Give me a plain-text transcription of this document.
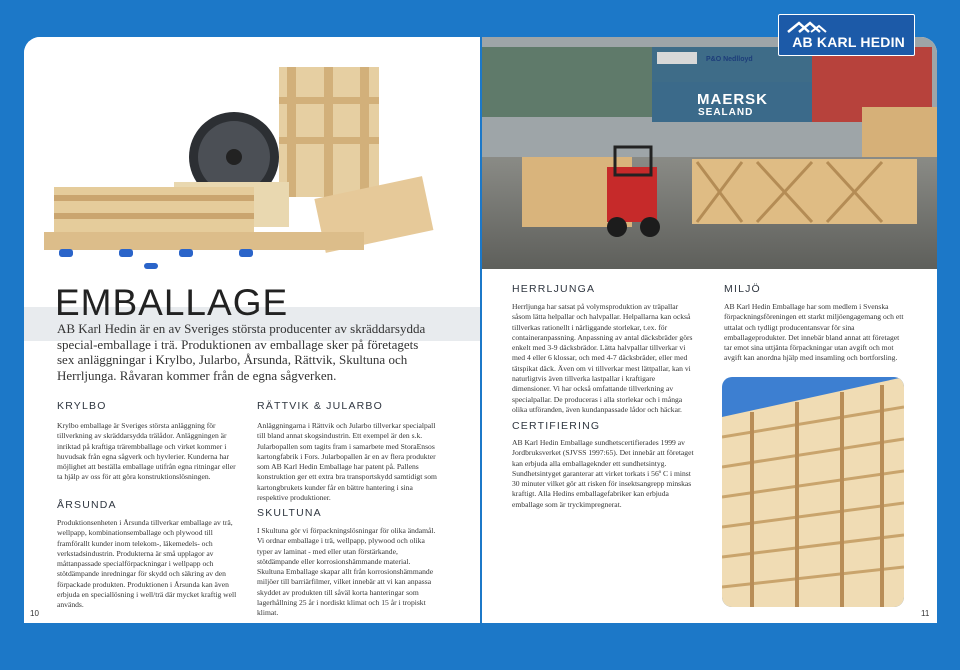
EMBALLAGE

AB Karl Hedin är en av Sveriges största producenter av skräddarsydda special-emballage i trä. Produktionen av emballage sker på företagets sex anläggningar i Krylbo, Jularbo, Årsunda, Rättvik, Skultuna och Herrljunga. Råvaran kommer från de egna sågverken.

KRYLBO

Krylbo emballage är Sveriges största anläggning för tillverkning av skräddarsydda trälådor. Anläggningen är inriktad på kraftiga trärembballage och virket kommer i huvudsak från egna sågverk och hyvlerier. Kunderna har möjlighet att beställa emballage utifrån egna ritningar eller ta hjälp av oss för att göra konstruktionslösningen.

RÄTTVIK & JULARBO

Anläggningarna i Rättvik och Jularbo tillverkar specialpall till bland annat skogsindustrin. Ett exempel är den s.k. Jularbopallen som tagits fram i samarbete med StoraEnsos kartongfabrik i Fors. Jularbopallen är en av flera produkter som AB Karl Hedin Emballage har patent på. Pallens konstruktion ger ett extra bra transportskydd samtidigt som kartongbrukets kunder får en bättre hantering i sina respektive produktioner.

ÅRSUNDA

Produktionsenheten i Årsunda tillverkar emballage av trä, wellpapp, kombinationsemballage och plywood till framförallt kunder inom telekom-, läkemedels- och verkstadsindustrin. Produkterna är små upplagor av måttanpassade specialförpackningar i wellpapp och stötdämpande inredningar för skydd och säkring av den förpackade produkten. Produktionen i Årsunda kan även erbjuda en speciallösning i well/trä där mycket kraftig well används.

SKULTUNA

I Skultuna gör vi förpackningslösningar för olika ändamål. Vi ordnar emballage i trä, wellpapp, plywood och olika typer av laminat - med eller utan förstärkande, stötdämpande eller korrosionshämmande material. Skultuna Emballage skapar allt från korrosionshämmande miljöer till barriärfilmer, vilket innebär att vi kan anpassa skyddet av produkten till såväl korta hanteringar som lagerhållning 25 år i nordiskt klimat och 15 år i tropiskt klimat.

10
P&O Nedlloyd
MAERSK
SEALAND
HERRLJUNGA

Herrljunga har satsat på volymsproduktion av träpallar såsom lätta helpallar och halvpallar. Helpallarna kan också tillverkas rationellt i närliggande storlekar, t.ex. för containeranpassning. Anpassning av antal däcksbräder görs enkelt med 3-9 däcksbrädor. Lätta halvpallar tillverkar vi med 4 eller 6 klossar, och med 4-7 däcksbräder, eller med tätspikat däck. Även om vi tillverkar mest lättpallar, kan vi naturligtvis även tillverka lastpallar i kraftigare dimensioner. Vi har också omfattande tillverkning av specialpallar. De produceras i alla storlekar och i många olika utföranden, även kundanpassade lådor och häckar.

MILJÖ

AB Karl Hedin Emballage har som medlem i Svenska förpackningsföreningen ett starkt miljöengagemang och ett uttalat och tydligt producentansvar för sina emballageprodukter. Det innebär bland annat att företaget tar emot sina uttjänta förpackningar utan avgift och mot avgift kan anordna hjälp med insamling och bortforsling.

CERTIFIERING

AB Karl Hedin Emballage sundhetscertifierades 1999 av Jordbruksverket (SJVSS 1997:65). Det innebär att företaget kan erbjuda alla emballageknder ett sundhetsintyg. Sundhetsintyget garanterar att virket torkats i 56º C i minst 30 minuter vilket gör att risken för insektsangrepp minskas kraftigt. Alla Hedins emballagefabriker kan erbjuda emballage som är tryckimpregnerat.

11
AB KARL HEDIN
